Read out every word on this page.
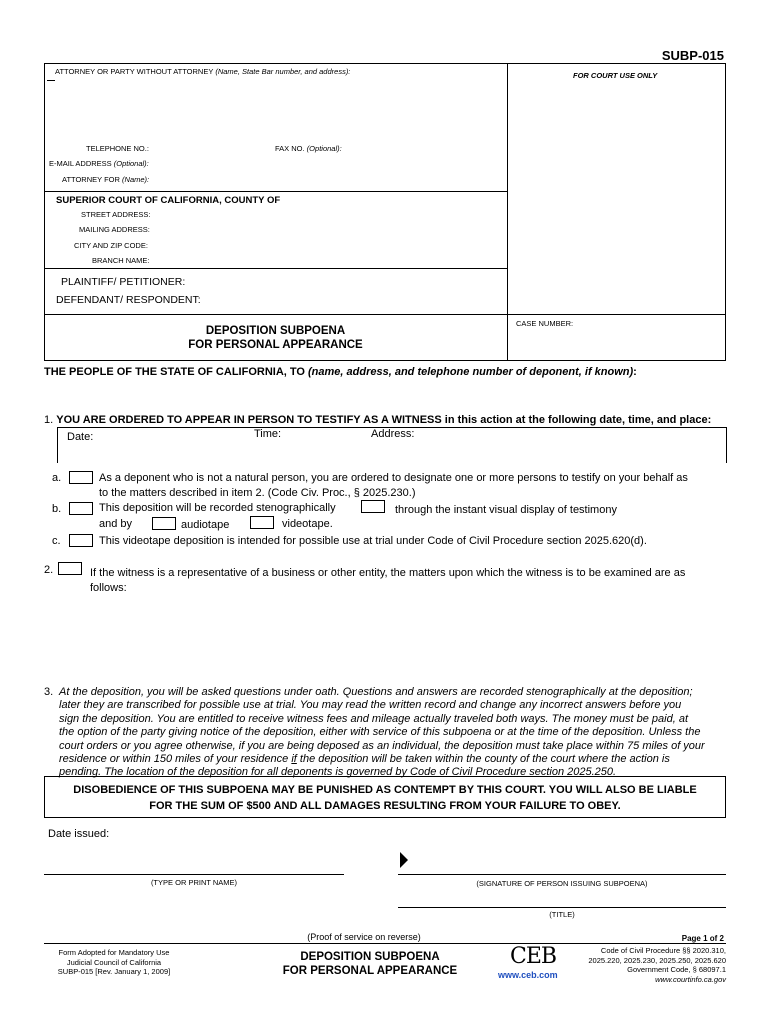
SUBP-015
ATTORNEY OR PARTY WITHOUT ATTORNEY (Name, State Bar number, and address):	FOR COURT USE ONLY
TELEPHONE NO.:	FAX NO. (Optional):
E-MAIL ADDRESS (Optional):
ATTORNEY FOR (Name):
SUPERIOR COURT OF CALIFORNIA, COUNTY OF
STREET ADDRESS:
MAILING ADDRESS:
CITY AND ZIP CODE:
BRANCH NAME:
PLAINTIFF/ PETITIONER:
DEFENDANT/ RESPONDENT:
DEPOSITION SUBPOENA
FOR PERSONAL APPEARANCE
CASE NUMBER:
THE PEOPLE OF THE STATE OF CALIFORNIA, TO (name, address, and telephone number of deponent, if known):
1. YOU ARE ORDERED TO APPEAR IN PERSON TO TESTIFY AS A WITNESS in this action at the following date, time, and place:
Date:	Time:	Address:
a.	As a deponent who is not a natural person, you are ordered to designate one or more persons to testify on your behalf as
to the matters described in item 2. (Code Civ. Proc., § 2025.230.)
b.	This deposition will be recorded stenographically	through the instant visual display of testimony
and by	audiotape	videotape.
c.	This videotape deposition is intended for possible use at trial under Code of Civil Procedure section 2025.620(d).
2.	If the witness is a representative of a business or other entity, the matters upon which the witness is to be examined are as
follows:
3. At the deposition, you will be asked questions under oath. Questions and answers are recorded stenographically at the deposition;
later they are transcribed for possible use at trial. You may read the written record and change any incorrect answers before you
sign the deposition. You are entitled to receive witness fees and mileage actually traveled both ways. The money must be paid, at
the option of the party giving notice of the deposition, either with service of this subpoena or at the time of the deposition. Unless the
court orders or you agree otherwise, if you are being deposed as an individual, the deposition must take place within 75 miles of your
residence or within 150 miles of your residence if the deposition will be taken within the county of the court where the action is
pending. The location of the deposition for all deponents is governed by Code of Civil Procedure section 2025.250.
DISOBEDIENCE OF THIS SUBPOENA MAY BE PUNISHED AS CONTEMPT BY THIS COURT. YOU WILL ALSO BE LIABLE
FOR THE SUM OF $500 AND ALL DAMAGES RESULTING FROM YOUR FAILURE TO OBEY.
Date issued:
(TYPE OR PRINT NAME)	(SIGNATURE OF PERSON ISSUING SUBPOENA)
(TITLE)
(Proof of service on reverse)	Page 1 of 2
Form Adopted for Mandatory Use
Judicial Council of California
SUBP-015 [Rev. January 1, 2009]
DEPOSITION SUBPOENA
FOR PERSONAL APPEARANCE
CEB
www.ceb.com
Code of Civil Procedure §§ 2020.310,
2025.220, 2025.230, 2025.250, 2025.620
Government Code, § 68097.1
www.courtinfo.ca.gov
